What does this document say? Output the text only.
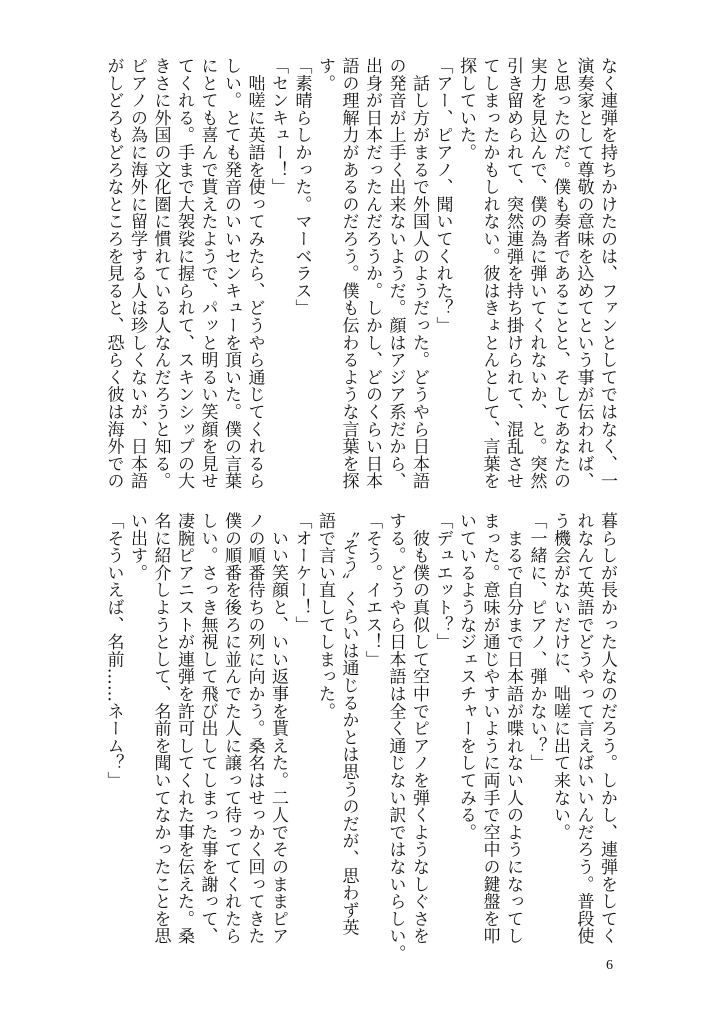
なく連弾を持ちかけたのは、ファンとしてではなく、一
演奏家として尊敬の意味を込めてという事が伝われば、
と思ったのだ。僕も奏者であることと、そしてあなたの
実力を見込んで、僕の為に弾いてくれないか、と。突然
引き留められて、突然連弾を持ち掛けられて、混乱させ
てしまったかもしれない。彼はきょとんとして、言葉を
探していた。
「アー、ピアノ、聞いてくれた？」
　話し方がまるで外国人のようだった。どうやら日本語
の発音が上手く出来ないようだ。顔はアジア系だから、
出身が日本だったんだろうか。しかし、どのくらい日本
語の理解力があるのだろう。僕も伝わるような言葉を探
す。
「素晴らしかった。マーベラス」
「センキュー！」
　咄嗟に英語を使ってみたら、どうやら通じてくれるら
しい。とても発音のいいセンキューを頂いた。僕の言葉
にとても喜んで貰えたようで、パッと明るい笑顔を見せ
てくれる。手まで大袈裟に握られて、スキンシップの大
きさに外国の文化圏に慣れている人なんだろうと知る。
ピアノの為に海外に留学する人は珍しくないが、日本語
がしどろもどろなところを見ると、恐らく彼は海外での
暮らしが長かった人なのだろう。しかし、連弾をしてく
れなんて英語でどうやって言えばいいんだろう。普段使
う機会がないだけに、咄嗟に出て来ない。
「一緒に、ピアノ、弾かない？」
　まるで自分まで日本語が喋れない人のようになってし
まった。意味が通じやすいように両手で空中の鍵盤を叩
いているようなジェスチャーをしてみる。
「デュエット？」
　彼も僕の真似して空中でピアノを弾くようなしぐさを
する。どうやら日本語は全く通じない訳ではないらしい。
「そう。イエス！」
　〝そう〟くらいは通じるかとは思うのだが、思わず英
語で言い直してしまった。
「オーケー！」
　いい笑顔と、いい返事を貰えた。二人でそのままピア
ノの順番待ちの列に向かう。桑名はせっかく回ってきた
僕の順番を後ろに並んでた人に譲って待っててくれたら
しい。さっき無視して飛び出してしまった事を謝って、
凄腕ピアニストが連弾を許可してくれた事を伝えた。桑
名に紹介しようとして、名前を聞いてなかったことを思
い出す。
「そういえば、名前……ネーム？」
6
